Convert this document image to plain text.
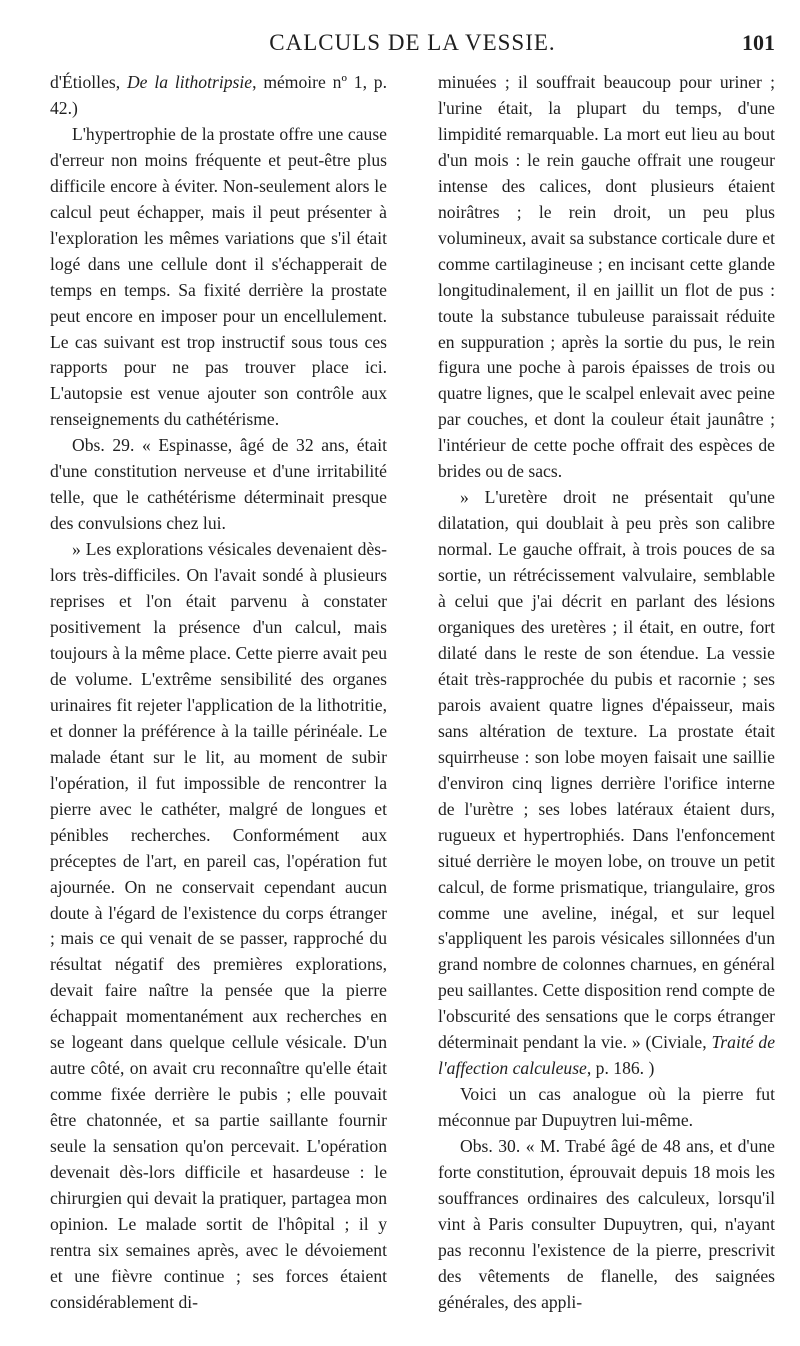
CALCULS DE LA VESSIE.	101

d'Étiolles, De la lithotripsie, mémoire nº 1, p. 42.)

L'hypertrophie de la prostate offre une cause d'erreur non moins fréquente et peut-être plus difficile encore à éviter. Non-seulement alors le calcul peut échapper, mais il peut présenter à l'exploration les mêmes variations que s'il était logé dans une cellule dont il s'échapperait de temps en temps. Sa fixité derrière la prostate peut encore en imposer pour un encellulement. Le cas suivant est trop instructif sous tous ces rapports pour ne pas trouver place ici. L'autopsie est venue ajouter son contrôle aux renseignements du cathétérisme.

Obs. 29. « Espinasse, âgé de 32 ans, était d'une constitution nerveuse et d'une irritabilité telle, que le cathétérisme déterminait presque des convulsions chez lui.

» Les explorations vésicales devenaient dès-lors très-difficiles. On l'avait sondé à plusieurs reprises et l'on était parvenu à constater positivement la présence d'un calcul, mais toujours à la même place. Cette pierre avait peu de volume. L'extrême sensibilité des organes urinaires fit rejeter l'application de la lithotritie, et donner la préférence à la taille périnéale. Le malade étant sur le lit, au moment de subir l'opération, il fut impossible de rencontrer la pierre avec le cathéter, malgré de longues et pénibles recherches. Conformément aux préceptes de l'art, en pareil cas, l'opération fut ajournée. On ne conservait cependant aucun doute à l'égard de l'existence du corps étranger ; mais ce qui venait de se passer, rapproché du résultat négatif des premières explorations, devait faire naître la pensée que la pierre échappait momentanément aux recherches en se logeant dans quelque cellule vésicale. D'un autre côté, on avait cru reconnaître qu'elle était comme fixée derrière le pubis ; elle pouvait être chatonnée, et sa partie saillante fournir seule la sensation qu'on percevait. L'opération devenait dès-lors difficile et hasardeuse : le chirurgien qui devait la pratiquer, partagea mon opinion. Le malade sortit de l'hôpital ; il y rentra six semaines après, avec le dévoiement et une fièvre continue ; ses forces étaient considérablement di-

minuées ; il souffrait beaucoup pour uriner ; l'urine était, la plupart du temps, d'une limpidité remarquable. La mort eut lieu au bout d'un mois : le rein gauche offrait une rougeur intense des calices, dont plusieurs étaient noirâtres ; le rein droit, un peu plus volumineux, avait sa substance corticale dure et comme cartilagineuse ; en incisant cette glande longitudinalement, il en jaillit un flot de pus : toute la substance tubuleuse paraissait réduite en suppuration ; après la sortie du pus, le rein figura une poche à parois épaisses de trois ou quatre lignes, que le scalpel enlevait avec peine par couches, et dont la couleur était jaunâtre ; l'intérieur de cette poche offrait des espèces de brides ou de sacs.

» L'uretère droit ne présentait qu'une dilatation, qui doublait à peu près son calibre normal. Le gauche offrait, à trois pouces de sa sortie, un rétrécissement valvulaire, semblable à celui que j'ai décrit en parlant des lésions organiques des uretères ; il était, en outre, fort dilaté dans le reste de son étendue. La vessie était très-rapprochée du pubis et racornie ; ses parois avaient quatre lignes d'épaisseur, mais sans altération de texture. La prostate était squirrheuse : son lobe moyen faisait une saillie d'environ cinq lignes derrière l'orifice interne de l'urètre ; ses lobes latéraux étaient durs, rugueux et hypertrophiés. Dans l'enfoncement situé derrière le moyen lobe, on trouve un petit calcul, de forme prismatique, triangulaire, gros comme une aveline, inégal, et sur lequel s'appliquent les parois vésicales sillonnées d'un grand nombre de colonnes charnues, en général peu saillantes. Cette disposition rend compte de l'obscurité des sensations que le corps étranger déterminait pendant la vie. » (Civiale, Traité de l'affection calculeuse, p. 186. )

Voici un cas analogue où la pierre fut méconnue par Dupuytren lui-même.

Obs. 30. « M. Trabé âgé de 48 ans, et d'une forte constitution, éprouvait depuis 18 mois les souffrances ordinaires des calculeux, lorsqu'il vint à Paris consulter Dupuytren, qui, n'ayant pas reconnu l'existence de la pierre, prescrivit des vêtements de flanelle, des saignées générales, des appli-
